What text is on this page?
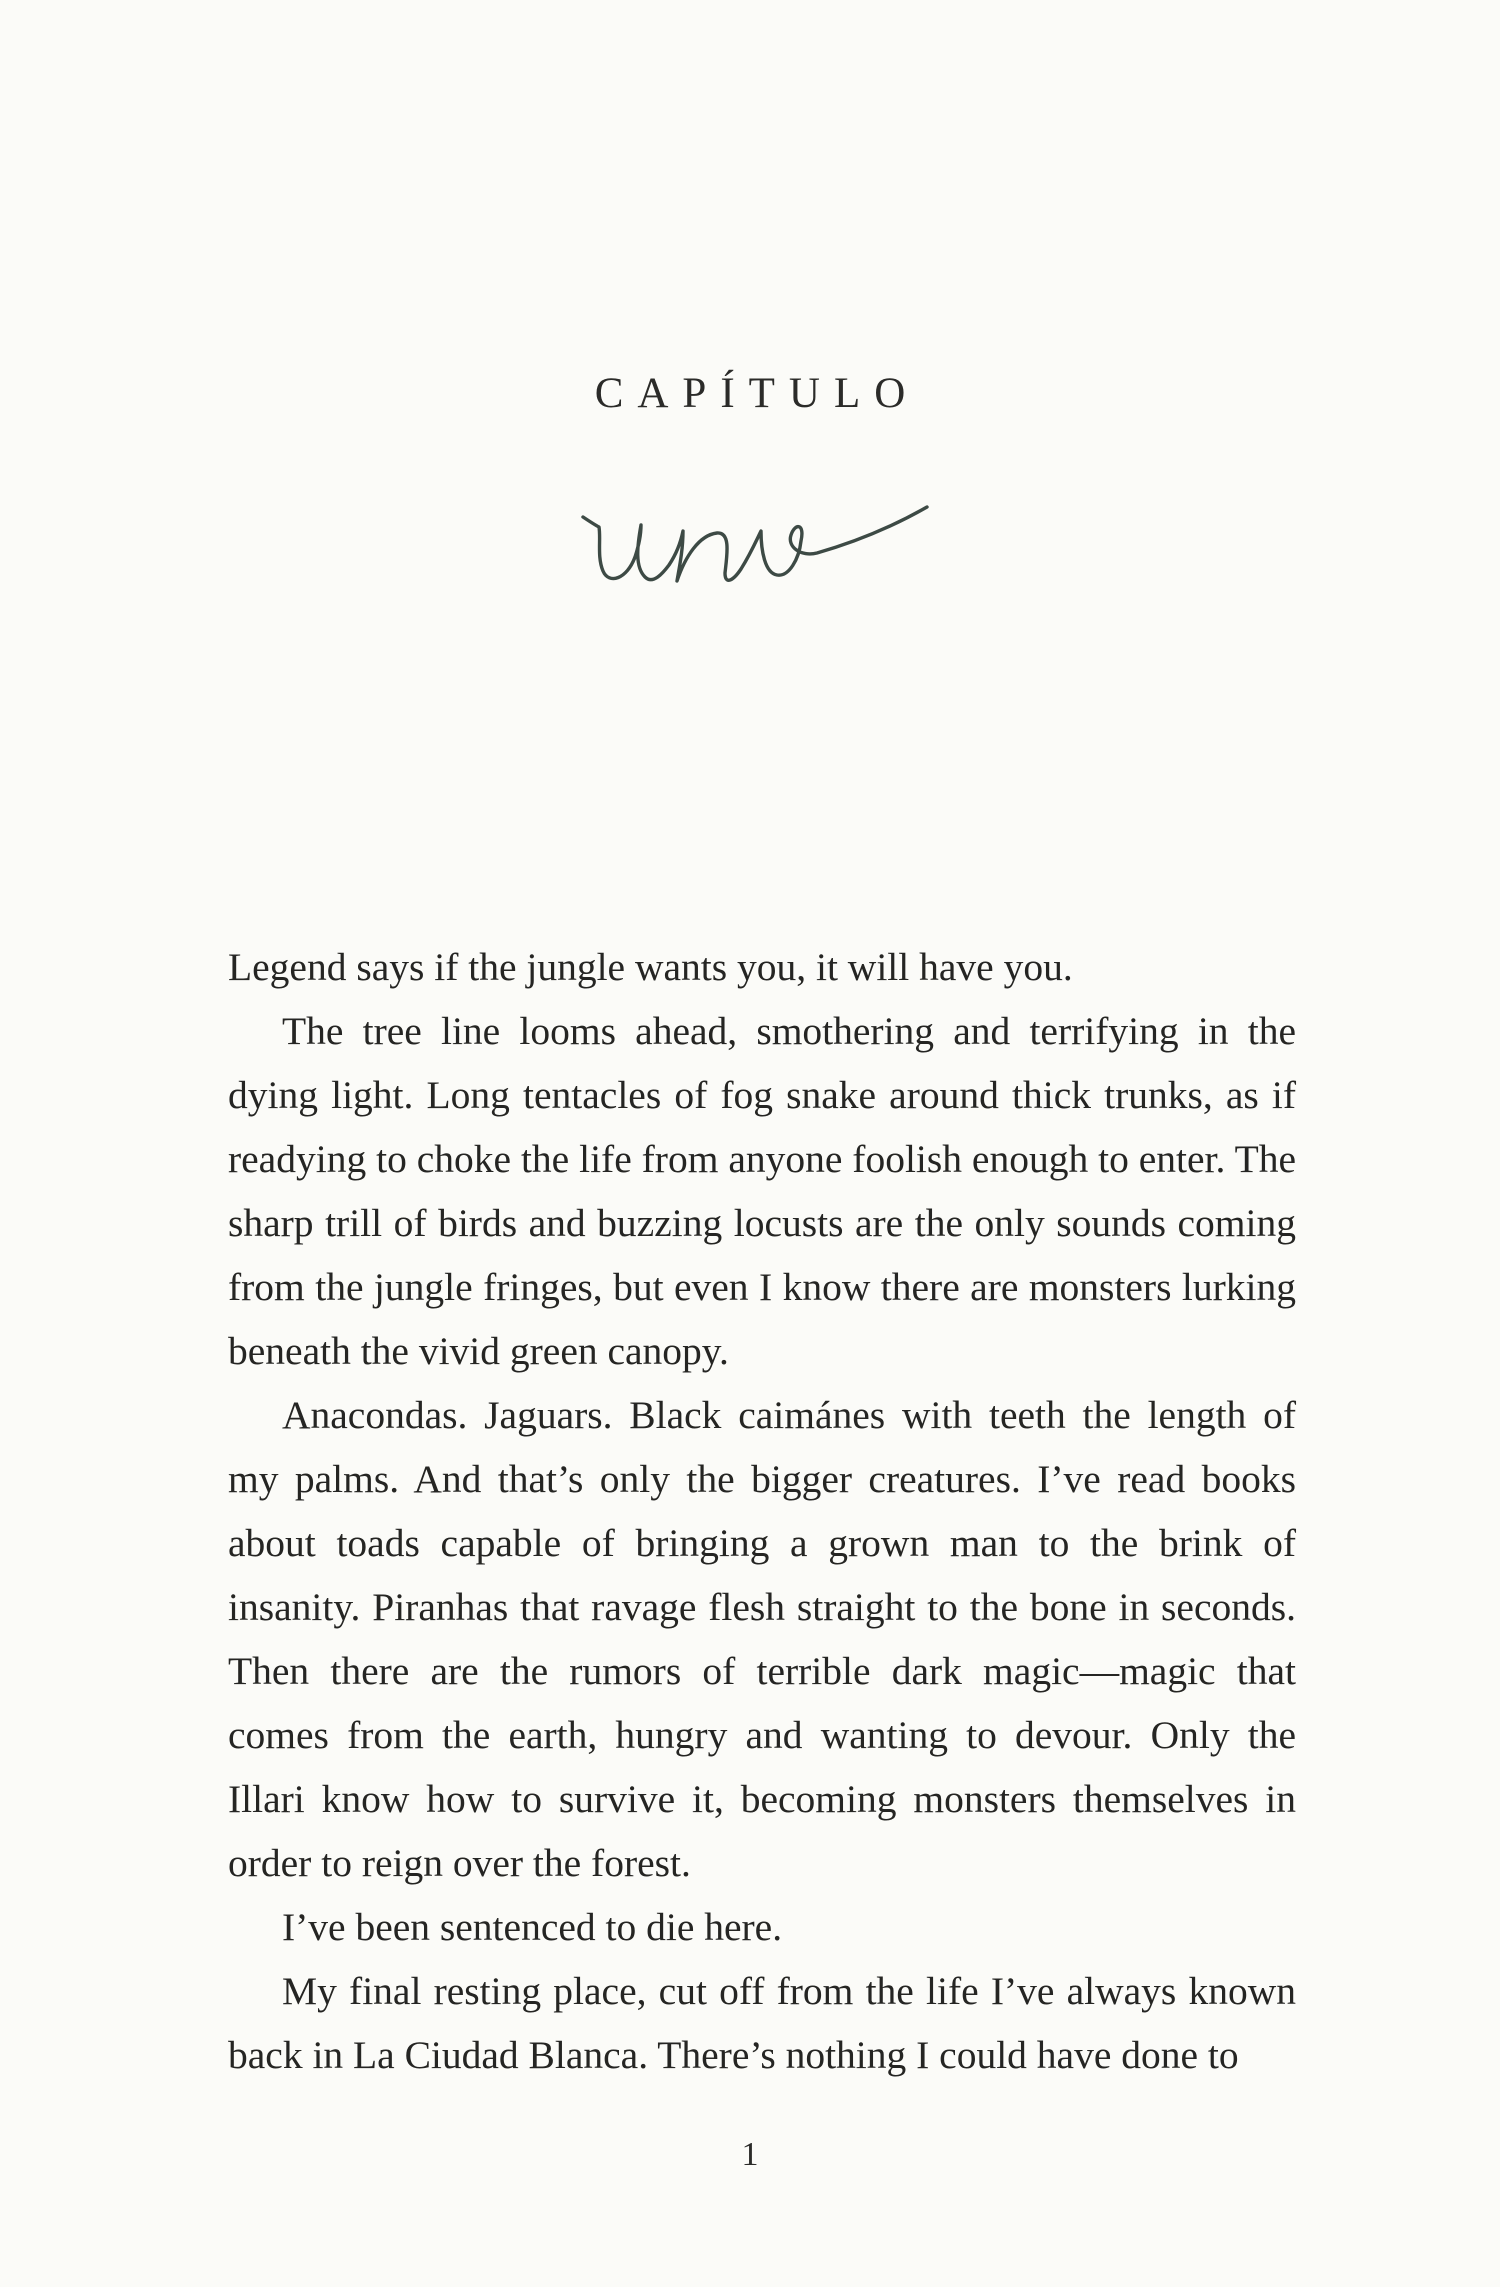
CAPÍTULO

Legend says if the jungle wants you, it will have you.

The tree line looms ahead, smothering and terrifying in the dying light. Long tentacles of fog snake around thick trunks, as if readying to choke the life from anyone foolish enough to enter. The sharp trill of birds and buzzing locusts are the only sounds coming from the jungle fringes, but even I know there are monsters lurking beneath the vivid green canopy.

Anacondas. Jaguars. Black caimánes with teeth the length of my palms. And that’s only the bigger creatures. I’ve read books about toads capable of bringing a grown man to the brink of insanity. Piranhas that ravage flesh straight to the bone in seconds. Then there are the rumors of terrible dark magic—magic that comes from the earth, hungry and wanting to devour. Only the Illari know how to survive it, becoming monsters themselves in order to reign over the forest.

I’ve been sentenced to die here.

My final resting place, cut off from the life I’ve always known back in La Ciudad Blanca. There’s nothing I could have done to

1
